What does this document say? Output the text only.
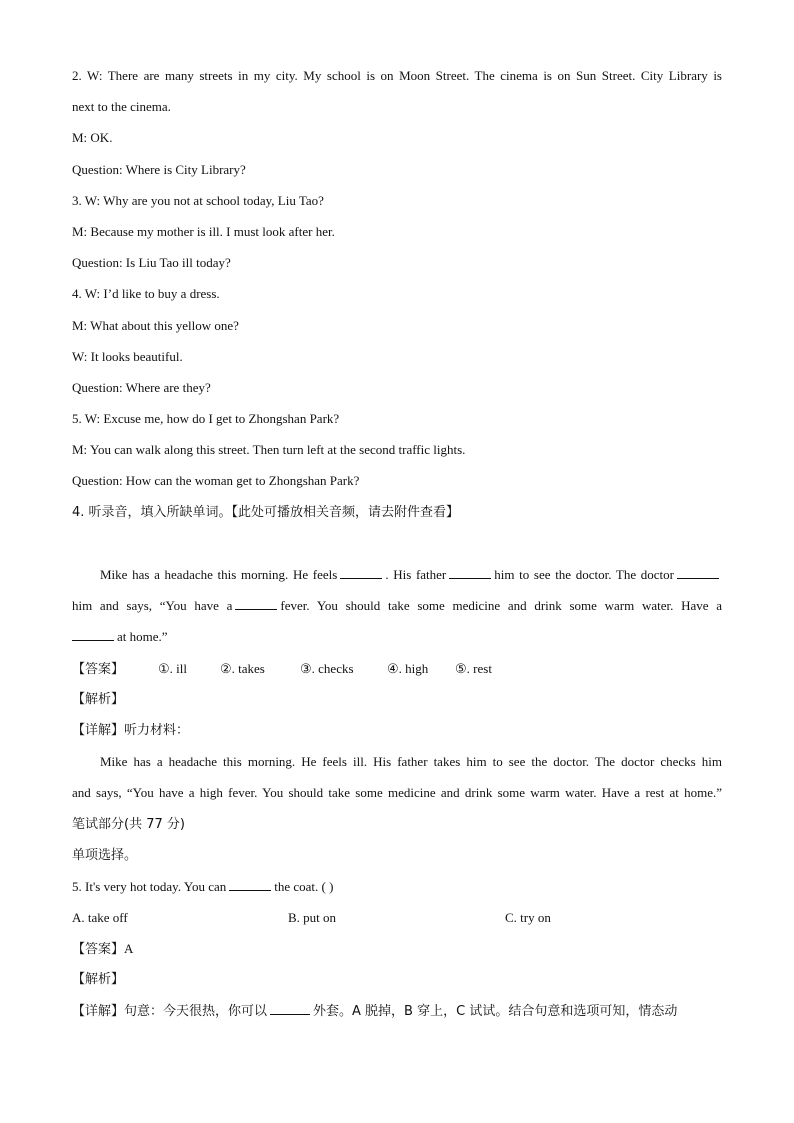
2. W: There are many streets in my city. My school is on Moon Street. The cinema is on Sun Street. City Library is
next to the cinema.
M: OK.
Question: Where is City Library?
3. W: Why are you not at school today, Liu Tao?
M: Because my mother is ill. I must look after her.
Question: Is Liu Tao ill today?
4. W: I’d like to buy a dress.
M: What about this yellow one?
W: It looks beautiful.
Question: Where are they?
5. W: Excuse me, how do I get to Zhongshan Park?
M: You can walk along this street. Then turn left at the second traffic lights.
Question: How can the woman get to Zhongshan Park?
4. 听录音，填入所缺单词。【此处可播放相关音频，请去附件查看】
Mike has a headache this morning. He feels	. His father	him to see the doctor. The doctor
him and says, “You have a	fever. You should take some medicine and drink some warm water. Have a
at home.”
【答案】	①. ill	②. takes	③. checks	④. high ⑤. rest
【解析】
【详解】听力材料：
Mike has a headache this morning. He feels ill. His father takes him to see the doctor. The doctor checks him
and says, “You have a high fever. You should take some medicine and drink some warm water. Have a rest at home.”
笔试部分(共 77 分)
单项选择。
5. It's very hot today. You can	the coat. ( )
A. take off	B. put on	C. try on
【答案】A
【解析】
【详解】句意：今天很热，你可以	外套。A 脱掉，B 穿上，C 试试。结合句意和选项可知，情态动
